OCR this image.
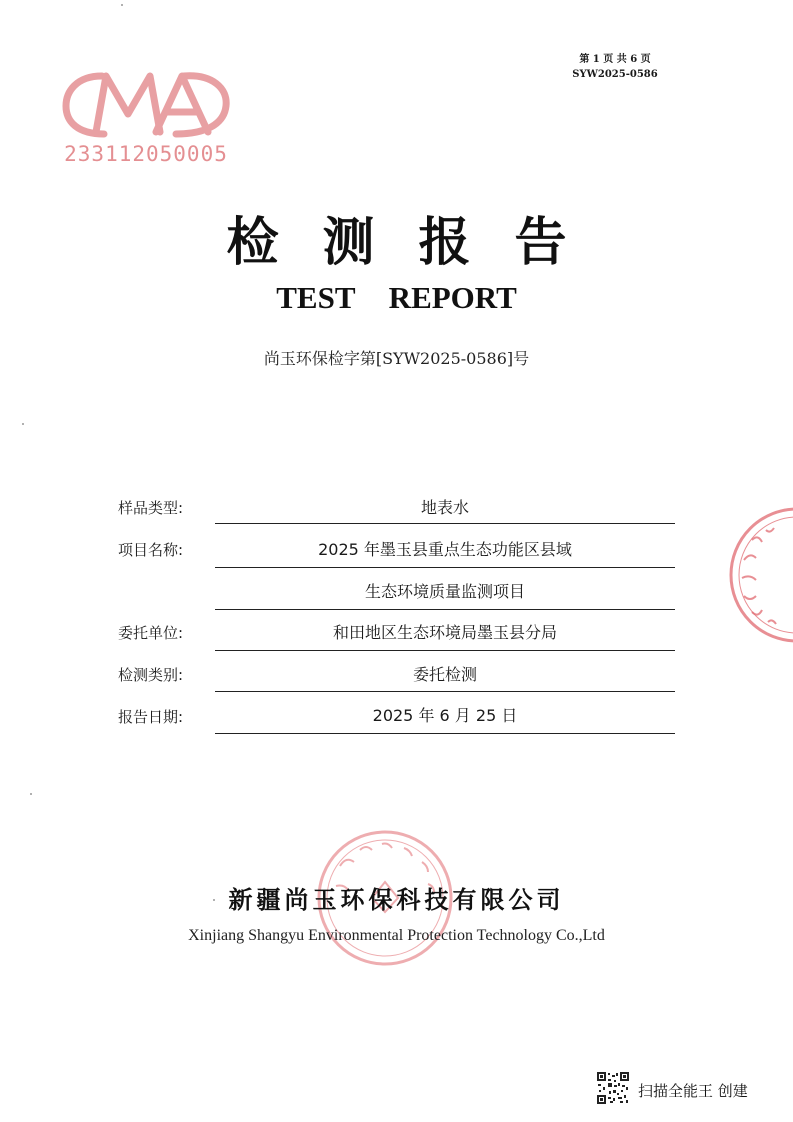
第 1 页 共 6 页
SYW2025-0586
233112050005
检测报告
TEST REPORT
尚玉环保检字第[SYW2025-0586]号
样品类型:	地表水
项目名称:	2025 年墨玉县重点生态功能区县域
生态环境质量监测项目
委托单位:	和田地区生态环境局墨玉县分局
检测类别:	委托检测
报告日期:	2025 年 6 月 25 日
新疆尚玉环保科技有限公司
Xinjiang Shangyu Environmental Protection Technology Co.,Ltd
扫描全能王 创建
